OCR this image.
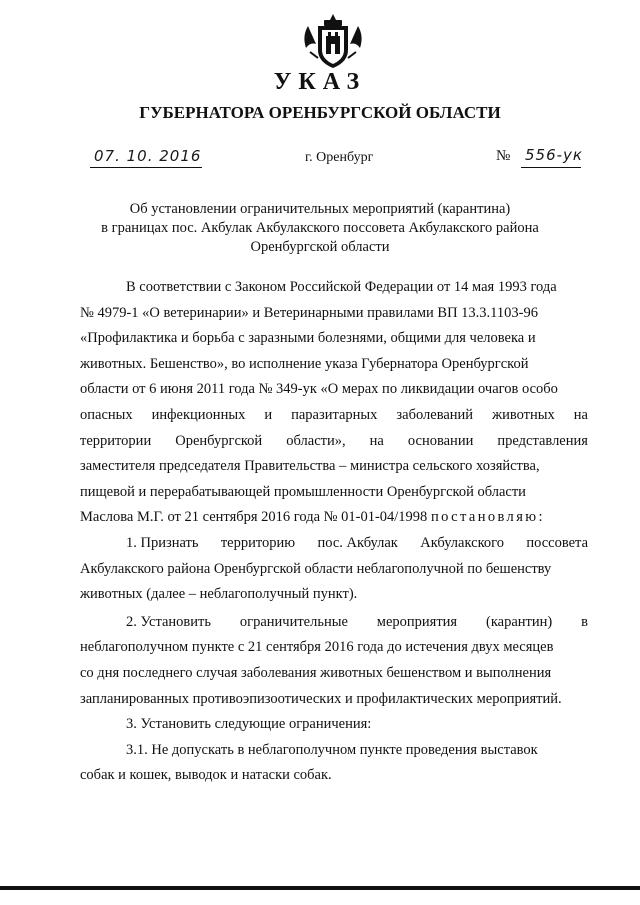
УКАЗ
ГУБЕРНАТОРА ОРЕНБУРГСКОЙ ОБЛАСТИ
07. 10. 2016	г. Оренбург	№ 556-ук
Об установлении ограничительных мероприятий (карантина)
в границах пос. Акбулак Акбулакского поссовета Акбулакского района
Оренбургской области
В соответствии с Законом Российской Федерации от 14 мая 1993 года
№ 4979-1 «О ветеринарии» и Ветеринарными правилами ВП 13.3.1103-96
«Профилактика и борьба с заразными болезнями, общими для человека и
животных. Бешенство», во исполнение указа Губернатора Оренбургской
области от 6 июня 2011 года № 349-ук «О мерах по ликвидации очагов особо
опасных инфекционных и паразитарных заболеваний животных на
территории Оренбургской области», на основании представления
заместителя председателя Правительства – министра сельского хозяйства,
пищевой и перерабатывающей промышленности Оренбургской области
Маслова М.Г. от 21 сентября 2016 года № 01-01-04/1998 постановляю:
1. Признать территорию пос. Акбулак Акбулакского поссовета
Акбулакского района Оренбургской области неблагополучной по бешенству
животных (далее – неблагополучный пункт).
2. Установить ограничительные мероприятия (карантин) в
неблагополучном пункте с 21 сентября 2016 года до истечения двух месяцев
со дня последнего случая заболевания животных бешенством и выполнения
запланированных противоэпизоотических и профилактических мероприятий.
3. Установить следующие ограничения:
3.1. Не допускать в неблагополучном пункте проведения выставок
собак и кошек, выводок и натаски собак.
